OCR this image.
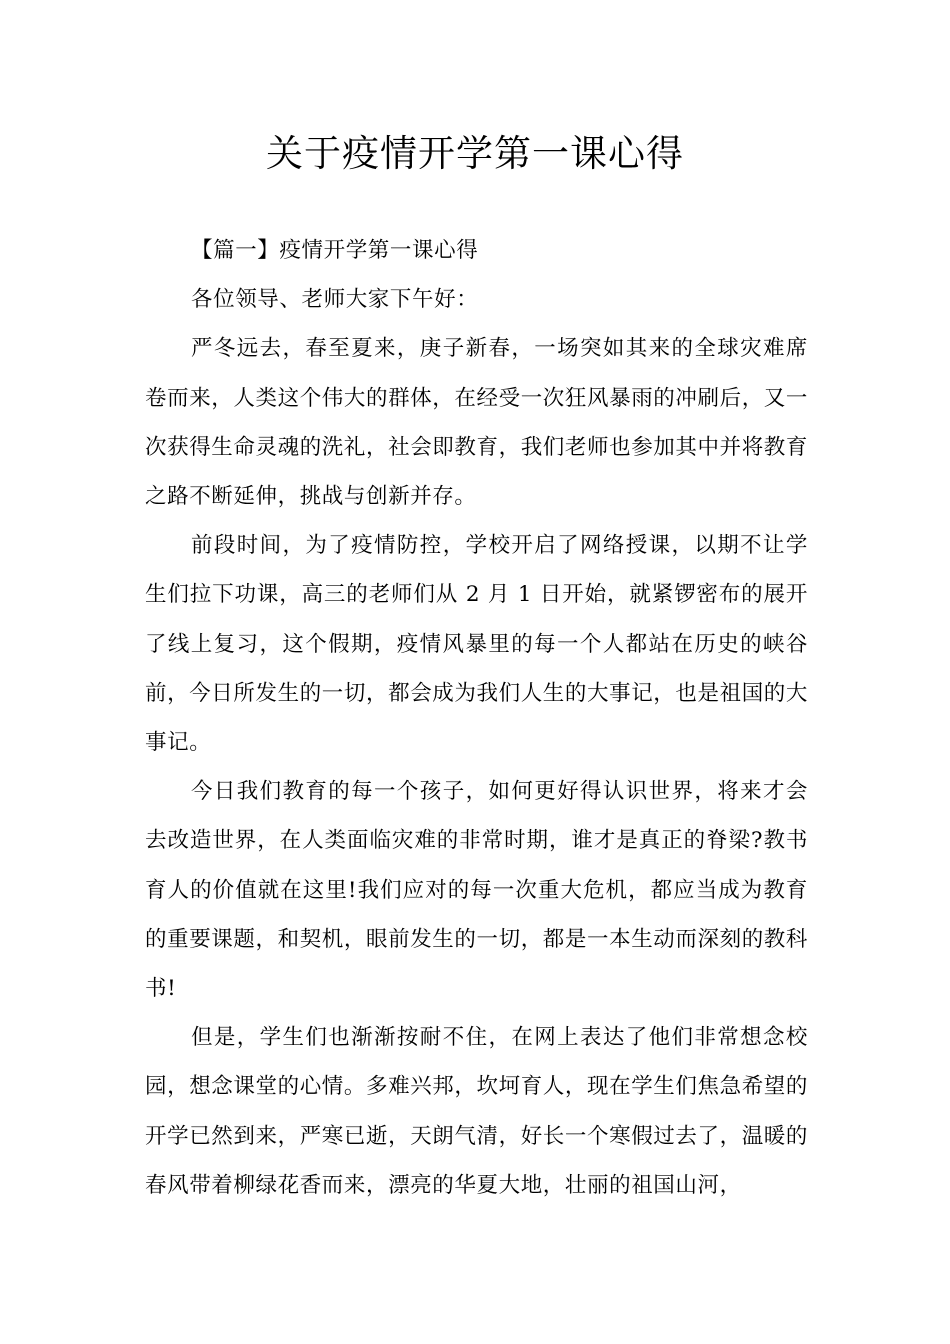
关于疫情开学第一课心得

【篇一】疫情开学第一课心得

各位领导、老师大家下午好：

严冬远去，春至夏来，庚子新春，一场突如其来的全球灾难席卷而来，人类这个伟大的群体，在经受一次狂风暴雨的冲刷后，又一次获得生命灵魂的洗礼，社会即教育，我们老师也参加其中并将教育之路不断延伸，挑战与创新并存。

前段时间，为了疫情防控，学校开启了网络授课，以期不让学生们拉下功课，高三的老师们从 2 月 1 日开始，就紧锣密布的展开了线上复习，这个假期，疫情风暴里的每一个人都站在历史的峡谷前，今日所发生的一切，都会成为我们人生的大事记，也是祖国的大事记。

今日我们教育的每一个孩子，如何更好得认识世界，将来才会去改造世界，在人类面临灾难的非常时期，谁才是真正的脊梁?教书育人的价值就在这里!我们应对的每一次重大危机，都应当成为教育的重要课题，和契机，眼前发生的一切，都是一本生动而深刻的教科书!

但是，学生们也渐渐按耐不住，在网上表达了他们非常想念校园，想念课堂的心情。多难兴邦，坎坷育人，现在学生们焦急希望的开学已然到来，严寒已逝，天朗气清，好长一个寒假过去了，温暖的春风带着柳绿花香而来，漂亮的华夏大地，壮丽的祖国山河，
